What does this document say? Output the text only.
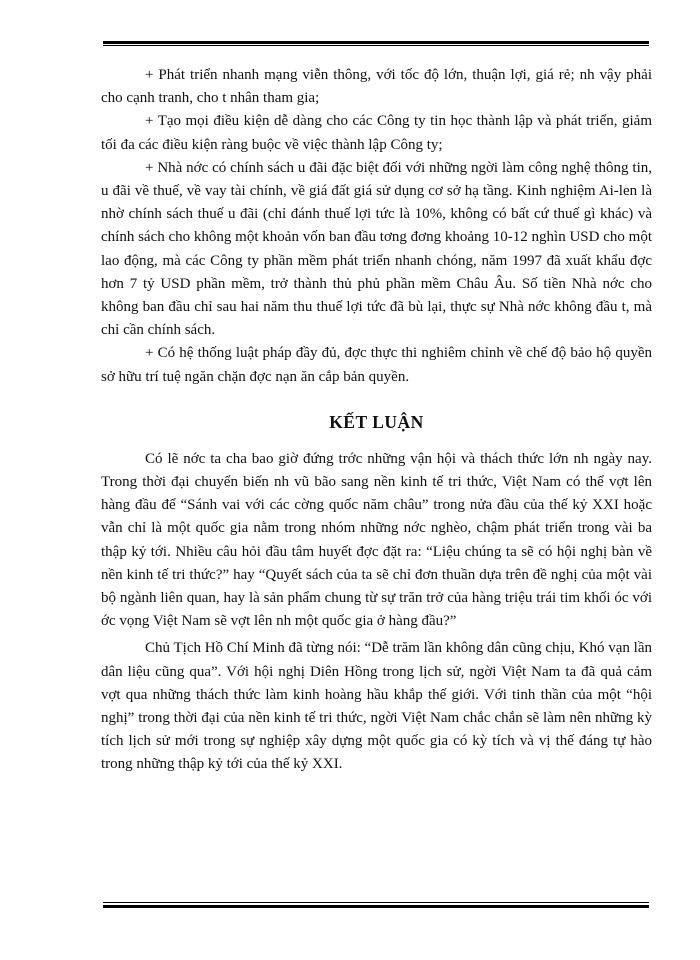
+ Phát triển nhanh mạng viễn thông, với tốc độ lớn, thuận lợi, giá rẻ; nh vậy phải cho cạnh tranh, cho t nhân tham gia;

+ Tạo mọi điều kiện dễ dàng cho các Công ty tin học thành lập và phát triển, giảm tối đa các điều kiện ràng buộc về việc thành lập Công ty;

+ Nhà nớc có chính sách u đãi đặc biệt đối với những ngời làm công nghệ thông tin, u đãi về thuế, về vay tài chính, về giá đất giá sử dụng cơ sở hạ tầng. Kinh nghiệm Ai-len là nhờ chính sách thuế u đãi (chỉ đánh thuế lợi tức là 10%, không có bất cứ thuế gì khác) và chính sách cho không một khoản vốn ban đầu tơng đơng khoảng 10-12 nghìn USD cho một lao động, mà các Công ty phần mềm phát triển nhanh chóng, năm 1997 đã xuất khẩu đợc hơn 7 tỷ USD phần mềm, trở thành thủ phủ phần mềm Châu Âu. Số tiền Nhà nớc cho không ban đầu chỉ sau hai năm thu thuế lợi tức đã bù lại, thực sự Nhà nớc không đầu t, mà chỉ cần chính sách.

+ Có hệ thống luật pháp đầy đủ, đợc thực thi nghiêm chỉnh về chế độ bảo hộ quyền sở hữu trí tuệ ngăn chặn đợc nạn ăn cắp bản quyền.

KẾT LUẬN

Có lẽ nớc ta cha bao giờ đứng trớc những vận hội và thách thức lớn nh ngày nay. Trong thời đại chuyển biến nh vũ bão sang nền kinh tế tri thức, Việt Nam có thể vợt lên hàng đầu để “Sánh vai với các cờng quốc năm châu” trong nửa đầu của thế kỷ XXI hoặc vẫn chỉ là một quốc gia nằm trong nhóm những nớc nghèo, chậm phát triển trong vài ba thập kỷ tới. Nhiều câu hỏi đầu tâm huyết đợc đặt ra: “Liệu chúng ta sẽ có hội nghị bàn về nền kinh tế tri thức?” hay “Quyết sách của ta sẽ chỉ đơn thuần dựa trên đề nghị của một vài bộ ngành liên quan, hay là sản phẩm chung từ sự trăn trở của hàng triệu trái tim khối óc với ớc vọng Việt Nam sẽ vợt lên nh một quốc gia ở hàng đầu?”

Chủ Tịch Hồ Chí Minh đã từng nói: “Dễ trăm lần không dân cũng chịu, Khó vạn lần dân liệu cũng qua”. Với hội nghị Diên Hồng trong lịch sử, ngời Việt Nam ta đã quả cảm vợt qua những thách thức làm kinh hoàng hầu khắp thế giới. Với tinh thần của một “hội nghị” trong thời đại của nền kinh tế tri thức, ngời Việt Nam chắc chắn sẽ làm nên những kỳ tích lịch sử mới trong sự nghiệp xây dựng một quốc gia có kỳ tích và vị thế đáng tự hào trong những thập kỷ tới của thế kỷ XXI.
